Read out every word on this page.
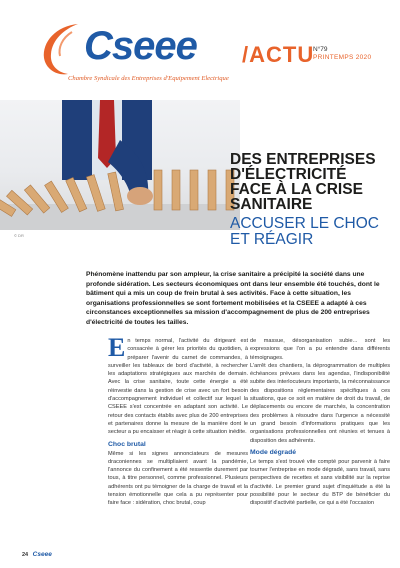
Cseee
Chambre Syndicale des Entreprises d'Equipement Electrique
/ACTU
N°79
PRINTEMPS 2020
© DR
DES ENTREPRISES
D'ÉLECTRICITÉ
FACE À LA CRISE
SANITAIRE
ACCUSER LE CHOC ET RÉAGIR
Phénomène inattendu par son ampleur, la crise sanitaire a précipité la société dans une profonde sidération. Les secteurs économiques ont dans leur ensemble été touchés, dont le bâtiment qui a mis un coup de frein brutal à ses activités. Face à cette situation, les organisations professionnelles se sont fortement mobilisées et la CSEEE a adapté à ces circonstances exceptionnelles sa mission d'accompagnement de plus de 200 entreprises d'électricité de toutes les tailles.

En temps normal, l'activité du dirigeant est consacrée à gérer les priorités du quotidien, à préparer l'avenir du carnet de commandes, à surveiller les tableaux de bord d'activité, à rechercher les adaptations stratégiques aux marchés de demain. Avec la crise sanitaire, toute cette énergie a été réinvestie dans la gestion de crise avec un fort besoin d'accompagnement individuel et collectif sur lequel la CSEEE s'est concentrée en adaptant son activité. Le retour des contacts établis avec plus de 200 entreprises et partenaires donne la mesure de la manière dont le secteur a pu encaisser et réagir à cette situation inédite.

Choc brutal

Même si les signes annonciateurs de mesures draconiennes se multipliaient avant la pandémie, l'annonce du confinement a été ressentie durement par tous, à titre personnel, comme professionnel. Plusieurs adhérents ont pu témoigner de la charge de travail et la tension émotionnelle que cela a pu représenter pour faire face : sidération, choc brutal, coup

de massue, désorganisation subie... sont les expressions que l'on a pu entendre dans différents témoignages.

L'arrêt des chantiers, la déprogrammation de multiples échéances prévues dans les agendas, l'indisponibilité subite des interlocuteurs importants, la méconnaissance des dispositions réglementaires spécifiques à ces situations, que ce soit en matière de droit du travail, de déplacements ou encore de marchés, la concentration des problèmes à résoudre dans l'urgence a nécessité un grand besoin d'informations pratiques que les organisations professionnelles ont réunies et tenues à disposition des adhérents.

Mode dégradé

Le temps s'est trouvé vite compté pour parvenir à faire tourner l'entreprise en mode dégradé, sans travail, sans perspectives de recettes et sans visibilité sur la reprise d'activité. Le premier grand sujet d'inquiétude a été la possibilité pour le secteur du BTP de bénéficier du dispositif d'activité partielle, ce qui a été l'occasion

24 Cseee
